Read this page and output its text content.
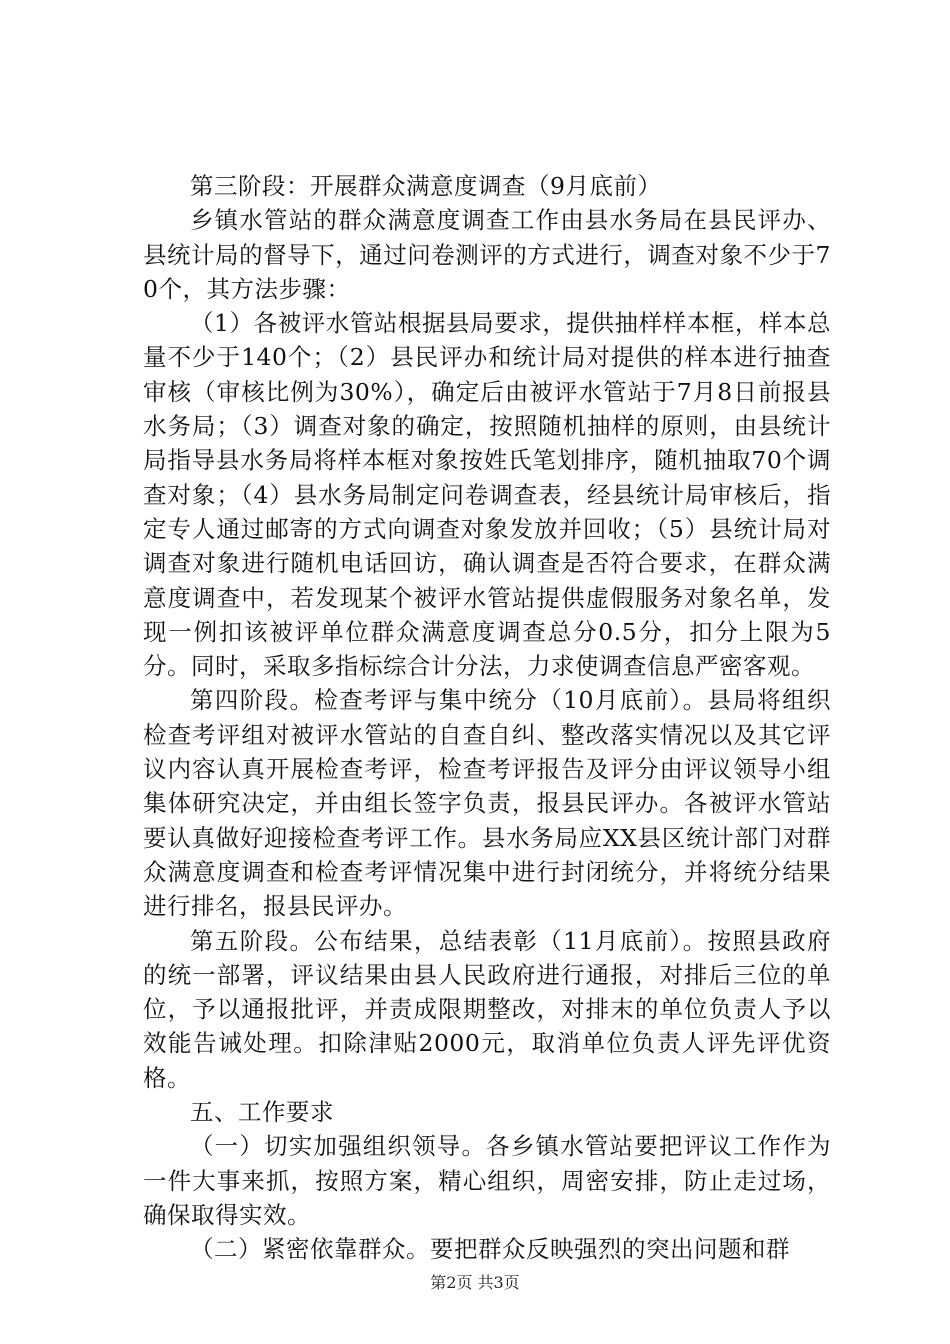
第三阶段：开展群众满意度调查（9月底前）

乡镇水管站的群众满意度调查工作由县水务局在县民评办、县统计局的督导下，通过问卷测评的方式进行，调查对象不少于70个，其方法步骤：

（1）各被评水管站根据县局要求，提供抽样样本框，样本总量不少于140个；（2）县民评办和统计局对提供的样本进行抽查审核（审核比例为30%），确定后由被评水管站于7月8日前报县水务局；（3）调查对象的确定，按照随机抽样的原则，由县统计局指导县水务局将样本框对象按姓氏笔划排序，随机抽取70个调查对象；（4）县水务局制定问卷调查表，经县统计局审核后，指定专人通过邮寄的方式向调查对象发放并回收；（5）县统计局对调查对象进行随机电话回访，确认调查是否符合要求，在群众满意度调查中，若发现某个被评水管站提供虚假服务对象名单，发现一例扣该被评单位群众满意度调查总分0.5分，扣分上限为5分。同时，采取多指标综合计分法，力求使调查信息严密客观。

第四阶段。检查考评与集中统分（10月底前）。县局将组织检查考评组对被评水管站的自查自纠、整改落实情况以及其它评议内容认真开展检查考评，检查考评报告及评分由评议领导小组集体研究决定，并由组长签字负责，报县民评办。各被评水管站要认真做好迎接检查考评工作。县水务局应XX县区统计部门对群众满意度调查和检查考评情况集中进行封闭统分，并将统分结果进行排名，报县民评办。

第五阶段。公布结果，总结表彰（11月底前）。按照县政府的统一部署，评议结果由县人民政府进行通报，对排后三位的单位，予以通报批评，并责成限期整改，对排末的单位负责人予以效能告诫处理。扣除津贴2000元，取消单位负责人评先评优资格。

五、工作要求

（一）切实加强组织领导。各乡镇水管站要把评议工作作为一件大事来抓，按照方案，精心组织，周密安排，防止走过场，确保取得实效。

（二）紧密依靠群众。要把群众反映强烈的突出问题和群

第2页 共3页
